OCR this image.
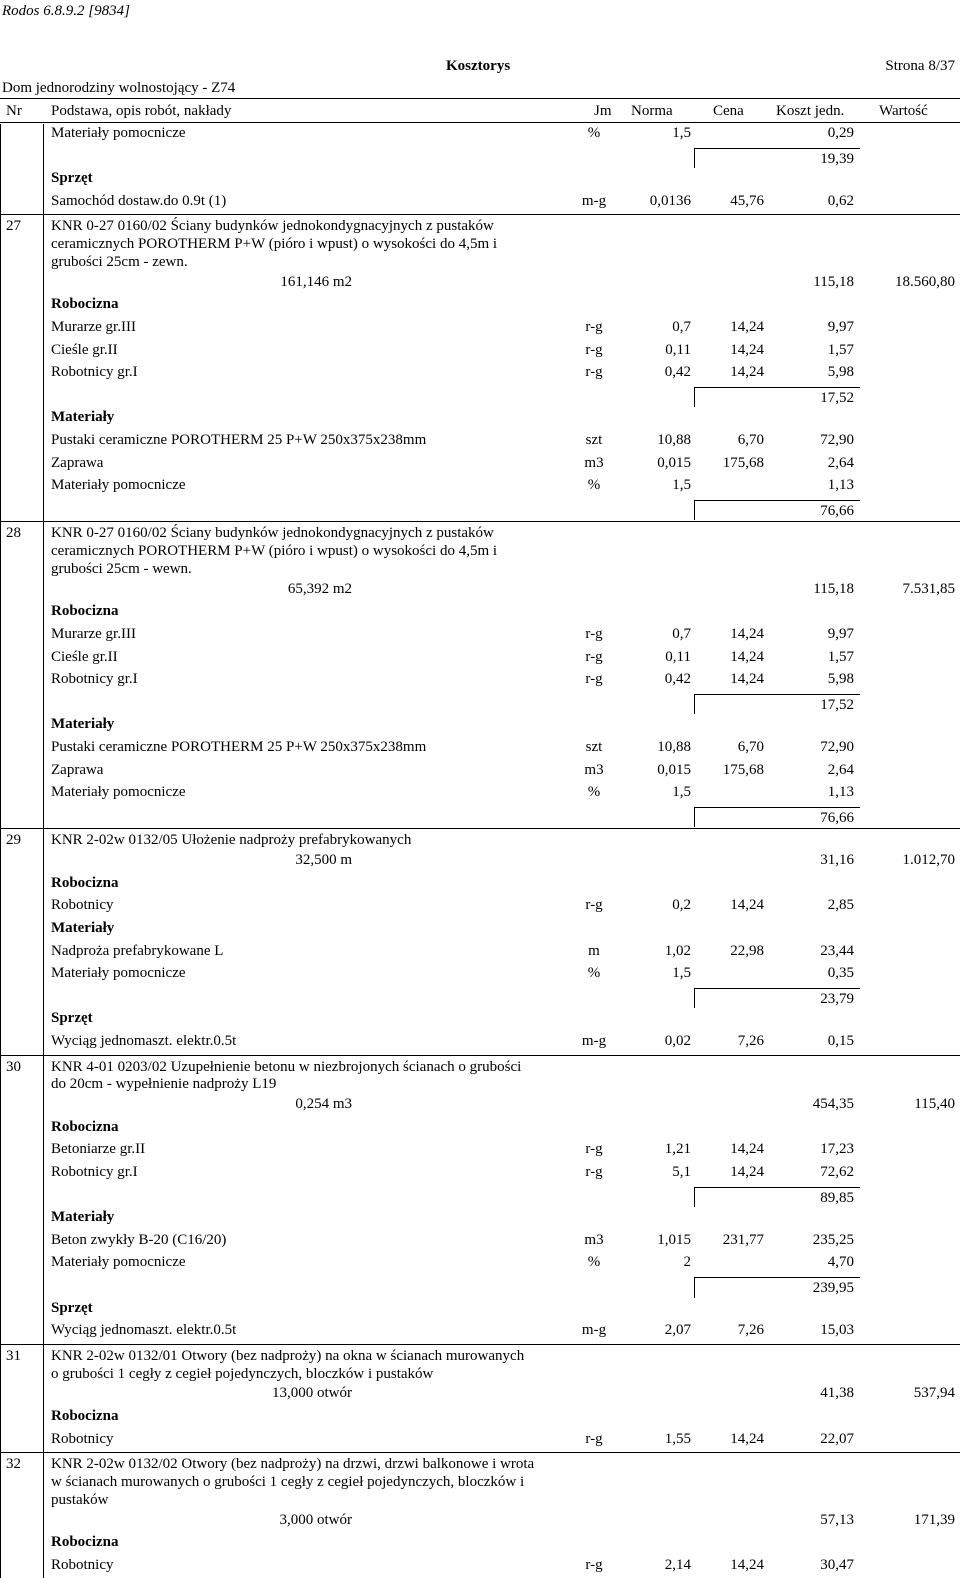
Rodos 6.8.9.2 [9834]
Kosztorys	Strona 8/37
Dom jednorodziny wolnostojący - Z74
Nr Podstawa, opis robót, nakłady	Jm Norma	Cena Koszt jedn. Wartość
Materiały pomocnicze	%	1,5	0,29
19,39
Sprzęt
Samochód dostaw.do 0.9t (1)	m-g	0,0136	45,76	0,62
27 KNR 0-27 0160/02 Ściany budynków jednokondygnacyjnych z pustaków
ceramicznych POROTHERM P+W (pióro i wpust) o wysokości do 4,5m i
grubości 25cm - zewn.
161,146 m2	115,18	18.560,80
Robocizna
Murarze gr.III	r-g	0,7	14,24	9,97
Cieśle gr.II	r-g	0,11	14,24	1,57
Robotnicy gr.I	r-g	0,42	14,24	5,98
17,52
Materiały
Pustaki ceramiczne POROTHERM 25 P+W 250x375x238mm	szt	10,88	6,70	72,90
Zaprawa	m3	0,015	175,68	2,64
Materiały pomocnicze	%	1,5	1,13
76,66
28 KNR 0-27 0160/02 Ściany budynków jednokondygnacyjnych z pustaków
ceramicznych POROTHERM P+W (pióro i wpust) o wysokości do 4,5m i
grubości 25cm - wewn.
65,392 m2	115,18	7.531,85
Robocizna
Murarze gr.III	r-g	0,7	14,24	9,97
Cieśle gr.II	r-g	0,11	14,24	1,57
Robotnicy gr.I	r-g	0,42	14,24	5,98
17,52
Materiały
Pustaki ceramiczne POROTHERM 25 P+W 250x375x238mm	szt	10,88	6,70	72,90
Zaprawa	m3	0,015	175,68	2,64
Materiały pomocnicze	%	1,5	1,13
76,66
29 KNR 2-02w 0132/05 Ułożenie nadproży prefabrykowanych
32,500 m	31,16	1.012,70
Robocizna
Robotnicy	r-g	0,2	14,24	2,85
Materiały
Nadproża prefabrykowane L	m	1,02	22,98	23,44
Materiały pomocnicze	%	1,5	0,35
23,79
Sprzęt
Wyciąg jednomaszt. elektr.0.5t	m-g	0,02	7,26	0,15
30 KNR 4-01 0203/02 Uzupełnienie betonu w niezbrojonych ścianach o grubości
do 20cm - wypełnienie nadproży L19
0,254 m3	454,35	115,40
Robocizna
Betoniarze gr.II	r-g	1,21	14,24	17,23
Robotnicy gr.I	r-g	5,1	14,24	72,62
89,85
Materiały
Beton zwykły B-20 (C16/20)	m3	1,015	231,77	235,25
Materiały pomocnicze	%	2	4,70
239,95
Sprzęt
Wyciąg jednomaszt. elektr.0.5t	m-g	2,07	7,26	15,03
31 KNR 2-02w 0132/01 Otwory (bez nadproży) na okna w ścianach murowanych
o grubości 1 cegły z cegieł pojedynczych, bloczków i pustaków
13,000 otwór	41,38	537,94
Robocizna
Robotnicy	r-g	1,55	14,24	22,07
32 KNR 2-02w 0132/02 Otwory (bez nadproży) na drzwi, drzwi balkonowe i wrota
w ścianach murowanych o grubości 1 cegły z cegieł pojedynczych, bloczków i
pustaków
3,000 otwór	57,13	171,39
Robocizna
Robotnicy	r-g	2,14	14,24	30,47
